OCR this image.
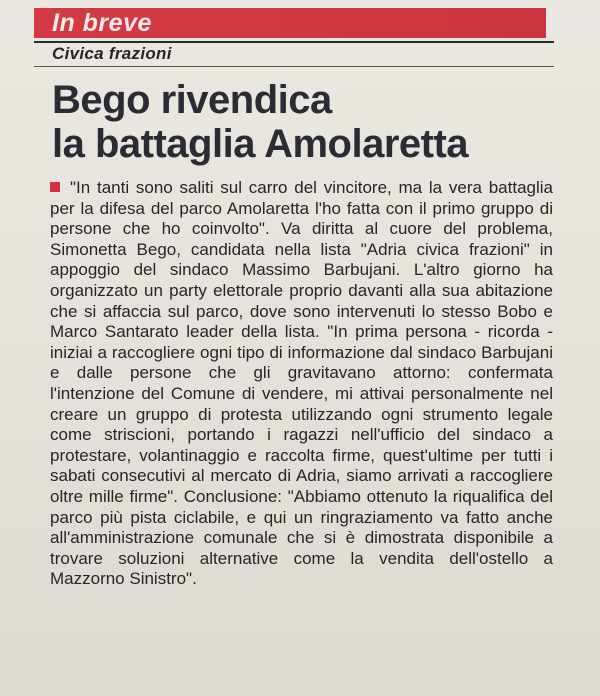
In breve
Civica frazioni
Bego rivendica
la battaglia Amolaretta
"In tanti sono saliti sul carro del vincitore, ma la vera battaglia per la difesa del parco Amolaretta l'ho fatta con il primo gruppo di persone che ho coinvolto". Va diritta al cuore del problema, Simonetta Bego, candidata nella lista "Adria civica frazioni" in appoggio del sindaco Massimo Barbujani. L'altro giorno ha organizzato un party elettorale proprio davanti alla sua abitazione che si affaccia sul parco, dove sono intervenuti lo stesso Bobo e Marco Santarato leader della lista. "In prima persona - ricorda - iniziai a raccogliere ogni tipo di informazione dal sindaco Barbujani e dalle persone che gli gravitavano attorno: confermata l'intenzione del Comune di vendere, mi attivai personalmente nel creare un gruppo di protesta utilizzando ogni strumento legale come striscioni, portando i ragazzi nell'ufficio del sindaco a protestare, volantinaggio e raccolta firme, quest'ultime per tutti i sabati consecutivi al mercato di Adria, siamo arrivati a raccogliere oltre mille firme". Conclusione: "Abbiamo ottenuto la riqualifica del parco più pista ciclabile, e qui un ringraziamento va fatto anche all'amministrazione comunale che si è dimostrata disponibile a trovare soluzioni alternative come la vendita dell'ostello a Mazzorno Sinistro".
